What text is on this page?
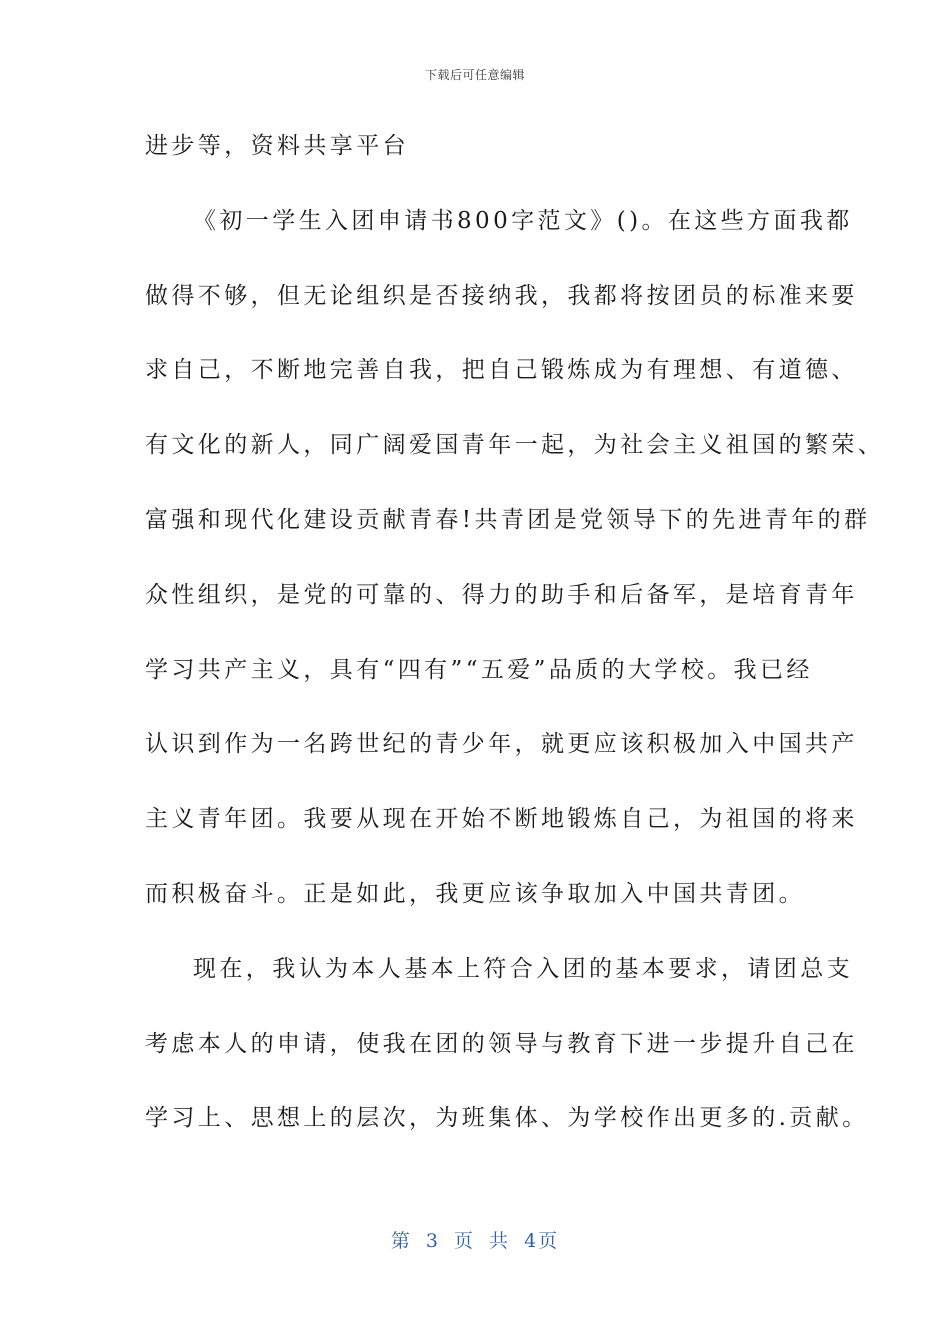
下载后可任意编辑
进步等，资料共享平台
《初一学生入团申请书800字范文》()。在这些方面我都
做得不够，但无论组织是否接纳我，我都将按团员的标准来要
求自己，不断地完善自我，把自己锻炼成为有理想、有道德、
有文化的新人，同广阔爱国青年一起，为社会主义祖国的繁荣、
富强和现代化建设贡献青春!共青团是党领导下的先进青年的群
众性组织，是党的可靠的、得力的助手和后备军，是培育青年
学习共产主义，具有“四有”“五爱”品质的大学校。我已经
认识到作为一名跨世纪的青少年，就更应该积极加入中国共产
主义青年团。我要从现在开始不断地锻炼自己，为祖国的将来
而积极奋斗。正是如此，我更应该争取加入中国共青团。
现在，我认为本人基本上符合入团的基本要求，请团总支
考虑本人的申请，使我在团的领导与教育下进一步提升自己在
学习上、思想上的层次，为班集体、为学校作出更多的.贡献。
第 3 页 共 4页
